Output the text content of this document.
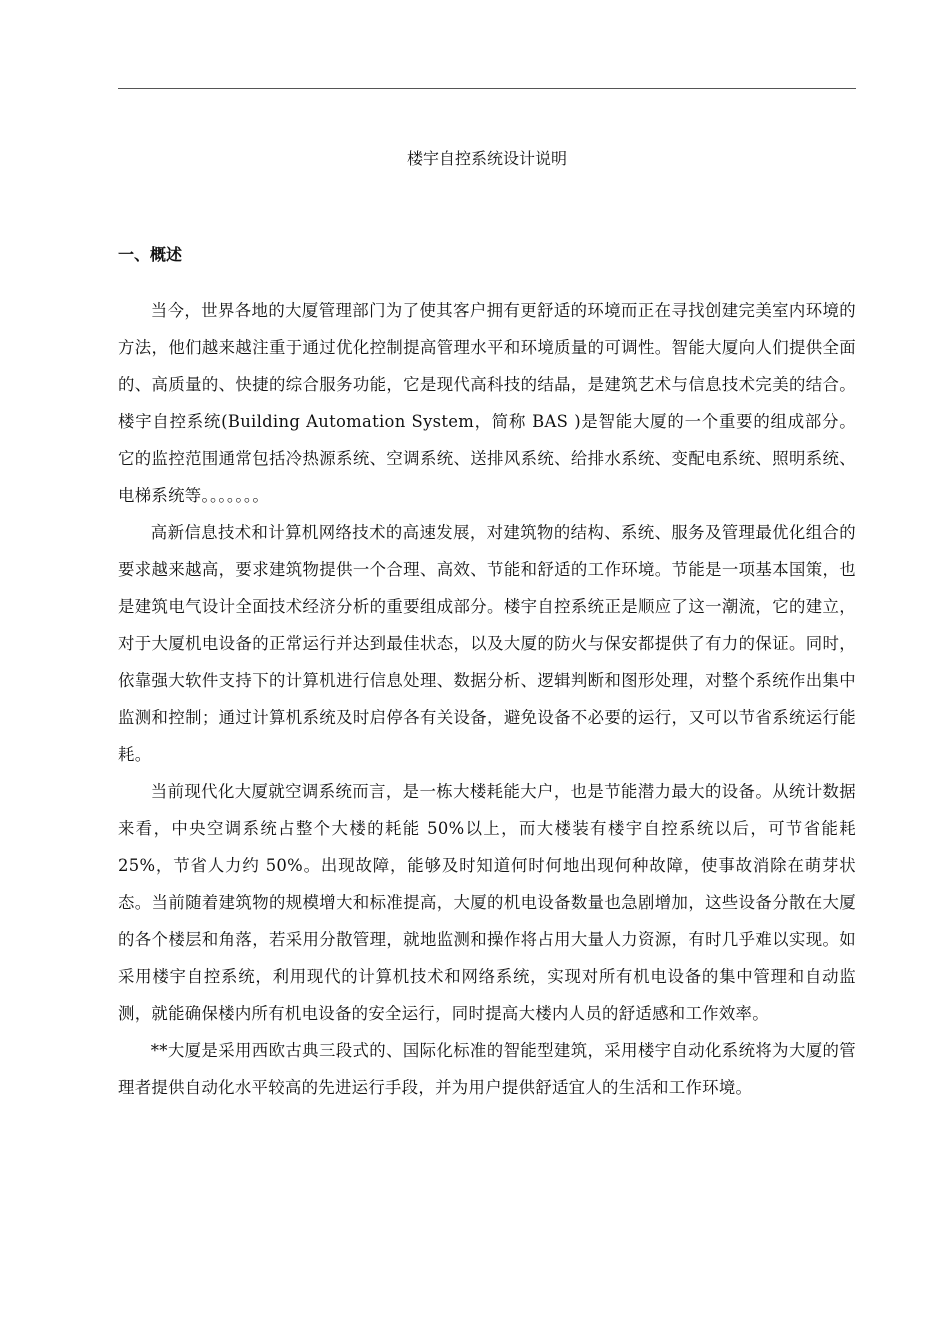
楼宇自控系统设计说明
一、概述

当今，世界各地的大厦管理部门为了使其客户拥有更舒适的环境而正在寻找创建完美室内环境的方法，他们越来越注重于通过优化控制提高管理水平和环境质量的可调性。智能大厦向人们提供全面的、高质量的、快捷的综合服务功能，它是现代高科技的结晶，是建筑艺术与信息技术完美的结合。楼宇自控系统(Building Automation System，简称 BAS )是智能大厦的一个重要的组成部分。它的监控范围通常包括冷热源系统、空调系统、送排风系统、给排水系统、变配电系统、照明系统、电梯系统等。。。。。。。

高新信息技术和计算机网络技术的高速发展，对建筑物的结构、系统、服务及管理最优化组合的要求越来越高，要求建筑物提供一个合理、高效、节能和舒适的工作环境。节能是一项基本国策，也是建筑电气设计全面技术经济分析的重要组成部分。楼宇自控系统正是顺应了这一潮流，它的建立，对于大厦机电设备的正常运行并达到最佳状态，以及大厦的防火与保安都提供了有力的保证。同时，依靠强大软件支持下的计算机进行信息处理、数据分析、逻辑判断和图形处理，对整个系统作出集中监测和控制；通过计算机系统及时启停各有关设备，避免设备不必要的运行，又可以节省系统运行能耗。

当前现代化大厦就空调系统而言，是一栋大楼耗能大户，也是节能潜力最大的设备。从统计数据来看，中央空调系统占整个大楼的耗能 50%以上，而大楼装有楼宇自控系统以后，可节省能耗 25%，节省人力约 50%。出现故障，能够及时知道何时何地出现何种故障，使事故消除在萌芽状态。当前随着建筑物的规模增大和标准提高，大厦的机电设备数量也急剧增加，这些设备分散在大厦的各个楼层和角落，若采用分散管理，就地监测和操作将占用大量人力资源，有时几乎难以实现。如采用楼宇自控系统，利用现代的计算机技术和网络系统，实现对所有机电设备的集中管理和自动监测，就能确保楼内所有机电设备的安全运行，同时提高大楼内人员的舒适感和工作效率。

**大厦是采用西欧古典三段式的、国际化标准的智能型建筑，采用楼宇自动化系统将为大厦的管理者提供自动化水平较高的先进运行手段，并为用户提供舒适宜人的生活和工作环境。
